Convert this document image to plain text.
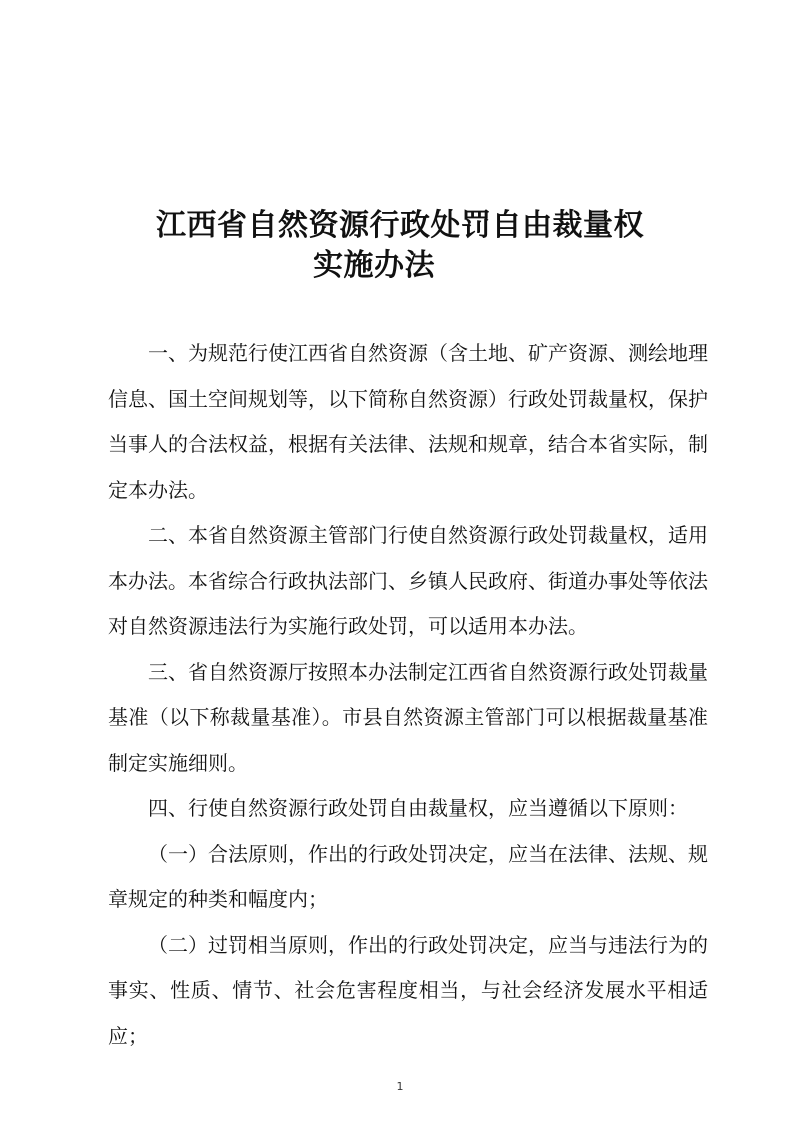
江西省自然资源行政处罚自由裁量权
实施办法

一、为规范行使江西省自然资源（含土地、矿产资源、测绘地理信息、国土空间规划等，以下简称自然资源）行政处罚裁量权，保护当事人的合法权益，根据有关法律、法规和规章，结合本省实际，制定本办法。

二、本省自然资源主管部门行使自然资源行政处罚裁量权，适用本办法。本省综合行政执法部门、乡镇人民政府、街道办事处等依法对自然资源违法行为实施行政处罚，可以适用本办法。

三、省自然资源厅按照本办法制定江西省自然资源行政处罚裁量基准（以下称裁量基准）。市县自然资源主管部门可以根据裁量基准制定实施细则。

四、行使自然资源行政处罚自由裁量权，应当遵循以下原则：

（一）合法原则，作出的行政处罚决定，应当在法律、法规、规章规定的种类和幅度内；

（二）过罚相当原则，作出的行政处罚决定，应当与违法行为的事实、性质、情节、社会危害程度相当，与社会经济发展水平相适应；

1
